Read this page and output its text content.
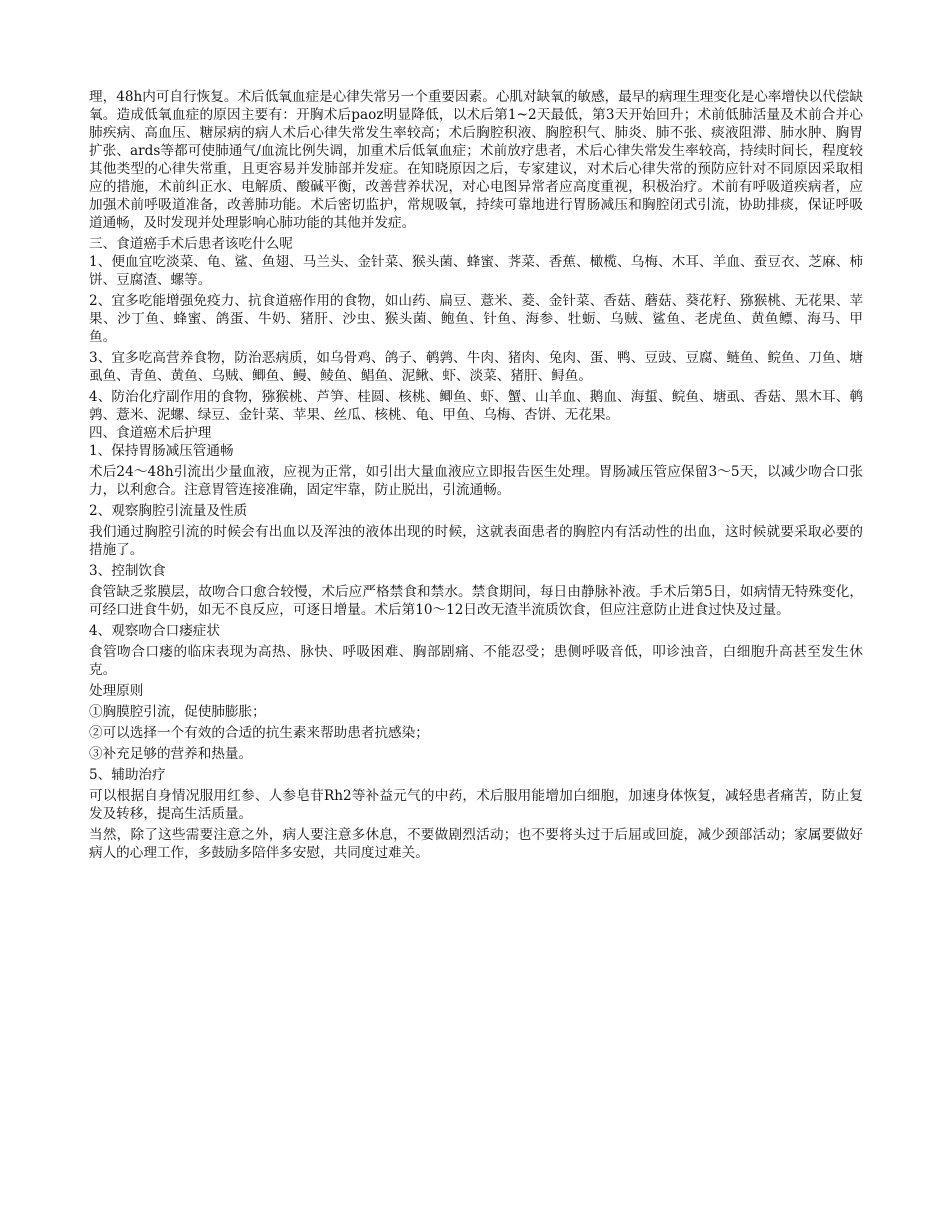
理，48h内可自行恢复。术后低氧血症是心律失常另一个重要因素。心肌对缺氧的敏感，最早的病理生理变化是心率增快以代偿缺氧。造成低氧血症的原因主要有：开胸术后paoz明显降低，以术后第1~2天最低，第3天开始回升；术前低肺活量及术前合并心肺疾病、高血压、糖尿病的病人术后心律失常发生率较高；术后胸腔积液、胸腔积气、肺炎、肺不张、痰液阻滞、肺水肿、胸胃扩张、ards等都可使肺通气/血流比例失调，加重术后低氧血症；术前放疗患者，术后心律失常发生率较高，持续时间长，程度较其他类型的心律失常重，且更容易并发肺部并发症。在知晓原因之后，专家建议，对术后心律失常的预防应针对不同原因采取相应的措施，术前纠正水、电解质、酸碱平衡，改善营养状况，对心电图异常者应高度重视，积极治疗。术前有呼吸道疾病者，应加强术前呼吸道准备，改善肺功能。术后密切监护，常规吸氧，持续可靠地进行胃肠减压和胸腔闭式引流，协助排痰，保证呼吸道通畅，及时发现并处理影响心肺功能的其他并发症。

三、食道癌手术后患者该吃什么呢

1、便血宜吃淡菜、龟、鲨、鱼翅、马兰头、金针菜、猴头菌、蜂蜜、荠菜、香蕉、橄榄、乌梅、木耳、羊血、蚕豆衣、芝麻、柿饼、豆腐渣、螺等。

2、宜多吃能增强免疫力、抗食道癌作用的食物，如山药、扁豆、薏米、菱、金针菜、香菇、蘑菇、葵花籽、猕猴桃、无花果、苹果、沙丁鱼、蜂蜜、鸽蛋、牛奶、猪肝、沙虫、猴头菌、鲍鱼、针鱼、海参、牡蛎、乌贼、鲨鱼、老虎鱼、黄鱼鳔、海马、甲鱼。

3、宜多吃高营养食物，防治恶病质，如乌骨鸡、鸽子、鹌鹑、牛肉、猪肉、兔肉、蛋、鸭、豆豉、豆腐、鲢鱼、鲩鱼、刀鱼、塘虱鱼、青鱼、黄鱼、乌贼、鲫鱼、鳗、鲮鱼、鲳鱼、泥鳅、虾、淡菜、猪肝、鲟鱼。

4、防治化疗副作用的食物，猕猴桃、芦笋、桂圆、核桃、鲫鱼、虾、蟹、山羊血、鹅血、海蜇、鲩鱼、塘虱、香菇、黑木耳、鹌鹑、薏米、泥螺、绿豆、金针菜、苹果、丝瓜、核桃、龟、甲鱼、乌梅、杏饼、无花果。

四、食道癌术后护理

1、保持胃肠减压管通畅

术后24～48h引流出少量血液，应视为正常，如引出大量血液应立即报告医生处理。胃肠减压管应保留3～5天，以减少吻合口张力，以利愈合。注意胃管连接准确，固定牢靠，防止脱出，引流通畅。

2、观察胸腔引流量及性质

我们通过胸腔引流的时候会有出血以及浑浊的液体出现的时候，这就表面患者的胸腔内有活动性的出血，这时候就要采取必要的措施了。

3、控制饮食

食管缺乏浆膜层，故吻合口愈合较慢，术后应严格禁食和禁水。禁食期间，每日由静脉补液。手术后第5日，如病情无特殊变化，可经口进食牛奶，如无不良反应，可逐日增量。术后第10～12日改无渣半流质饮食，但应注意防止进食过快及过量。

4、观察吻合口瘘症状

食管吻合口瘘的临床表现为高热、脉快、呼吸困难、胸部剧痛、不能忍受；患侧呼吸音低，叩诊浊音，白细胞升高甚至发生休克。

处理原则

①胸膜腔引流，促使肺膨胀；

②可以选择一个有效的合适的抗生素来帮助患者抗感染；

③补充足够的营养和热量。

5、辅助治疗

可以根据自身情况服用红参、人参皂苷Rh2等补益元气的中药，术后服用能增加白细胞，加速身体恢复，减轻患者痛苦，防止复发及转移，提高生活质量。

当然，除了这些需要注意之外，病人要注意多休息，不要做剧烈活动；也不要将头过于后屈或回旋，减少颈部活动；家属要做好病人的心理工作，多鼓励多陪伴多安慰，共同度过难关。
